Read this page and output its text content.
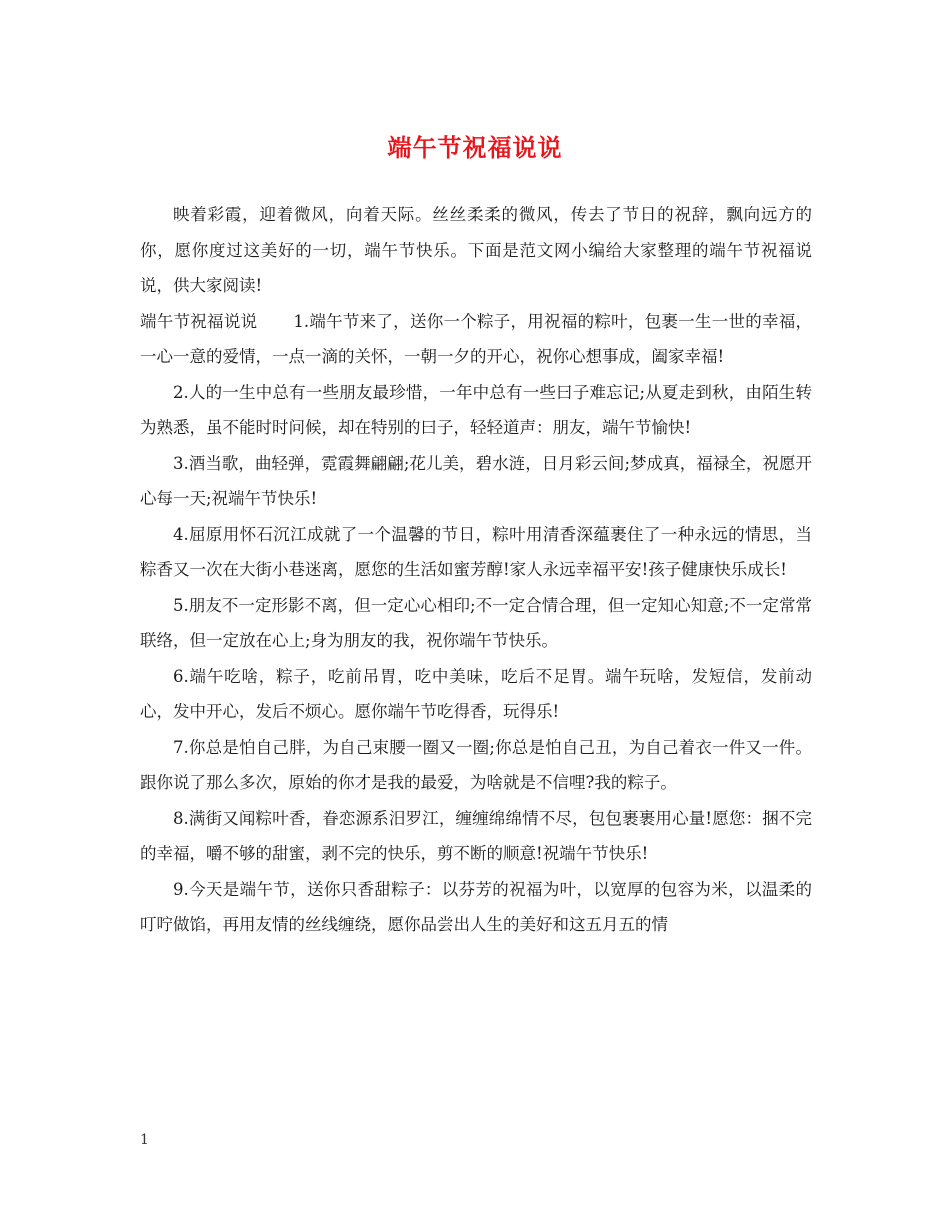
端午节祝福说说

映着彩霞，迎着微风，向着天际。丝丝柔柔的微风，传去了节日的祝辞，飘向远方的你，愿你度过这美好的一切，端午节快乐。下面是范文网小编给大家整理的端午节祝福说说，供大家阅读!

端午节祝福说说 1.端午节来了，送你一个粽子，用祝福的粽叶，包裹一生一世的幸福，一心一意的爱情，一点一滴的关怀，一朝一夕的开心，祝你心想事成，阖家幸福!

2.人的一生中总有一些朋友最珍惜，一年中总有一些曰子难忘记;从夏走到秋，由陌生转为熟悉，虽不能时时问候，却在特别的曰子，轻轻道声：朋友，端午节愉快!

3.酒当歌，曲轻弹，霓霞舞翩翩;花儿美，碧水涟，日月彩云间;梦成真，福禄全，祝愿开心每一天;祝端午节快乐!

4.屈原用怀石沉江成就了一个温馨的节日，粽叶用清香深蕴裹住了一种永远的情思，当粽香又一次在大街小巷迷离，愿您的生活如蜜芳醇!家人永远幸福平安!孩子健康快乐成长!

5.朋友不一定形影不离，但一定心心相印;不一定合情合理，但一定知心知意;不一定常常联络，但一定放在心上;身为朋友的我，祝你端午节快乐。

6.端午吃啥，粽子，吃前吊胃，吃中美味，吃后不足胃。端午玩啥，发短信，发前动心，发中开心，发后不烦心。愿你端午节吃得香，玩得乐!

7.你总是怕自己胖，为自己束腰一圈又一圈;你总是怕自己丑，为自己着衣一件又一件。跟你说了那么多次，原始的你才是我的最爱，为啥就是不信哩?我的粽子。

8.满街又闻粽叶香，眷恋源系汨罗江，缠缠绵绵情不尽，包包裹裹用心量!愿您：捆不完的幸福，嚼不够的甜蜜，剥不完的快乐，剪不断的顺意!祝端午节快乐!

9.今天是端午节，送你只香甜粽子：以芬芳的祝福为叶，以宽厚的包容为米，以温柔的叮咛做馅，再用友情的丝线缠绕，愿你品尝出人生的美好和这五月五的情

1
